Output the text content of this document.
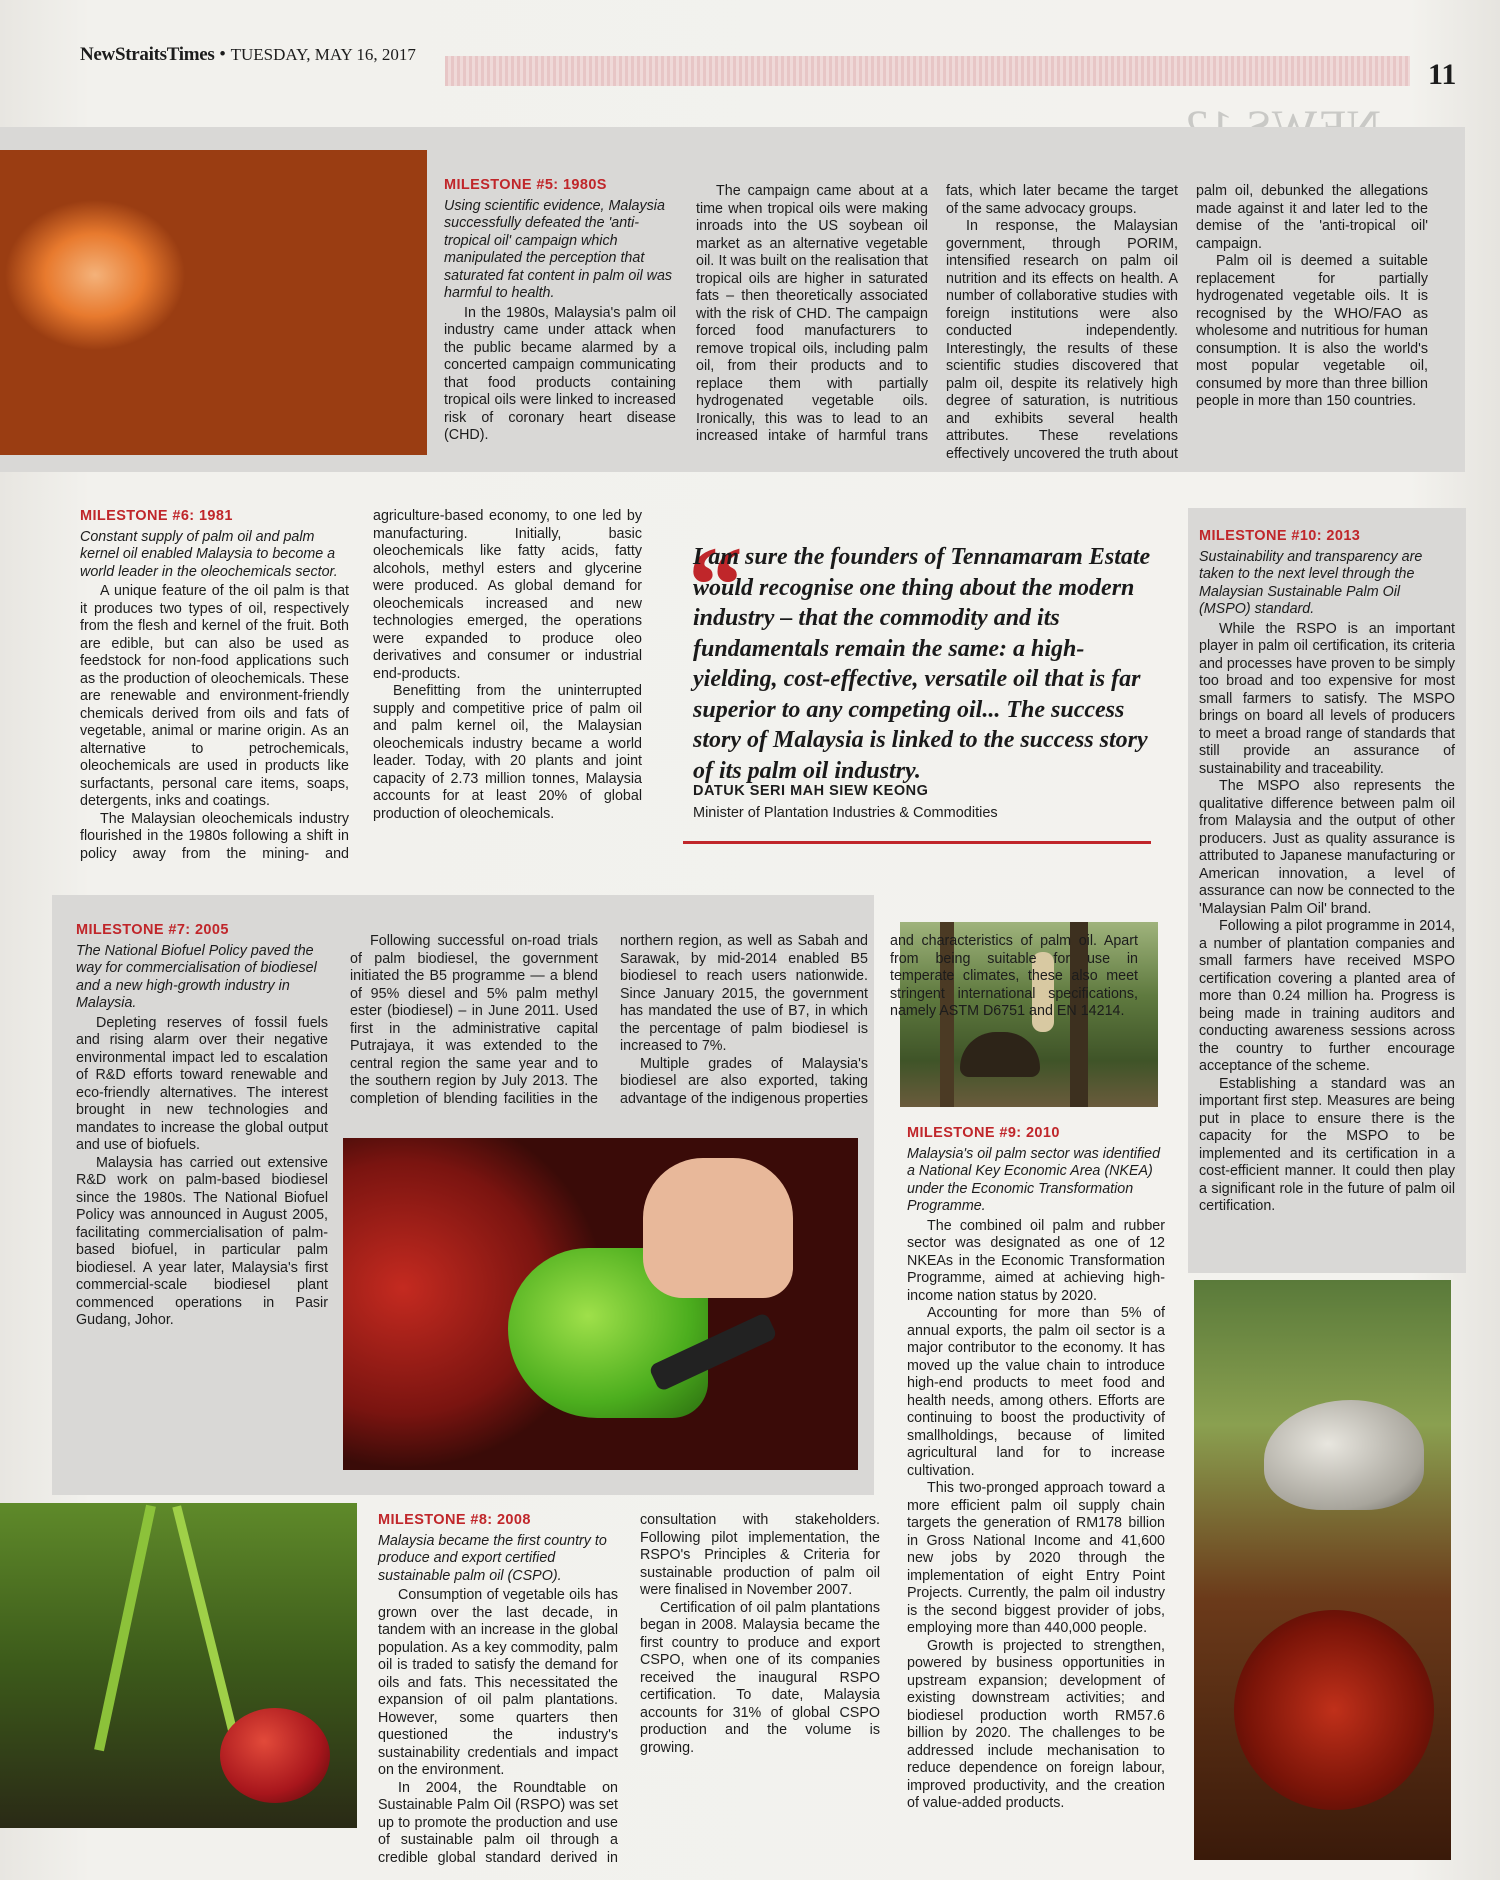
NewStraitsTimes • TUESDAY, MAY 16, 2017
11
MILESTONE #5: 1980S
Using scientific evidence, Malaysia successfully defeated the 'anti-tropical oil' campaign which manipulated the perception that saturated fat content in palm oil was harmful to health.

In the 1980s, Malaysia's palm oil industry came under attack when the public became alarmed by a concerted campaign communicating that food products containing tropical oils were linked to increased risk of coronary heart disease (CHD).

The campaign came about at a time when tropical oils were making inroads into the US soybean oil market as an alternative vegetable oil. It was built on the realisation that tropical oils are higher in saturated fats – then theoretically associated with the risk of CHD. The campaign forced food manufacturers to remove tropical oils, including palm oil, from their products and to replace them with partially hydrogenated vegetable oils. Ironically, this was to lead to an increased intake of harmful trans fats, which later became the target of the same advocacy groups.

In response, the Malaysian government, through PORIM, intensified research on palm oil nutrition and its effects on health. A number of collaborative studies with foreign institutions were also conducted independently. Interestingly, the results of these scientific studies discovered that palm oil, despite its relatively high degree of saturation, is nutritious and exhibits several health attributes. These revelations effectively uncovered the truth about palm oil, debunked the allegations made against it and later led to the demise of the 'anti-tropical oil' campaign.

Palm oil is deemed a suitable replacement for partially hydrogenated vegetable oils. It is recognised by the WHO/FAO as wholesome and nutritious for human consumption. It is also the world's most popular vegetable oil, consumed by more than three billion people in more than 150 countries.

MILESTONE #6: 1981
Constant supply of palm oil and palm kernel oil enabled Malaysia to become a world leader in the oleochemicals sector.

A unique feature of the oil palm is that it produces two types of oil, respectively from the flesh and kernel of the fruit. Both are edible, but can also be used as feedstock for non-food applications such as the production of oleochemicals. These are renewable and environment-friendly chemicals derived from oils and fats of vegetable, animal or marine origin. As an alternative to petrochemicals, oleochemicals are used in products like surfactants, personal care items, soaps, detergents, inks and coatings.

The Malaysian oleochemicals industry flourished in the 1980s following a shift in policy away from the mining- and agriculture-based economy, to one led by manufacturing. Initially, basic oleochemicals like fatty acids, fatty alcohols, methyl esters and glycerine were produced. As global demand for oleochemicals increased and new technologies emerged, the operations were expanded to produce oleo derivatives and consumer or industrial end-products.

Benefitting from the uninterrupted supply and competitive price of palm oil and palm kernel oil, the Malaysian oleochemicals industry became a world leader. Today, with 20 plants and joint capacity of 2.73 million tonnes, Malaysia accounts for at least 20% of global production of oleochemicals.

“
I am sure the founders of Tennamaram Estate would recognise one thing about the modern industry – that the commodity and its fundamentals remain the same: a high-yielding, cost-effective, versatile oil that is far superior to any competing oil... The success story of Malaysia is linked to the success story of its palm oil industry.
DATUK SERI MAH SIEW KEONG
Minister of Plantation Industries & Commodities
MILESTONE #7: 2005
The National Biofuel Policy paved the way for commercialisation of biodiesel and a new high-growth industry in Malaysia.

Depleting reserves of fossil fuels and rising alarm over their negative environmental impact led to escalation of R&D efforts toward renewable and eco-friendly alternatives. The interest brought in new technologies and mandates to increase the global output and use of biofuels.

Malaysia has carried out extensive R&D work on palm-based biodiesel since the 1980s. The National Biofuel Policy was announced in August 2005, facilitating commercialisation of palm-based biofuel, in particular palm biodiesel. A year later, Malaysia's first commercial-scale biodiesel plant commenced operations in Pasir Gudang, Johor.

Following successful on-road trials of palm biodiesel, the government initiated the B5 programme — a blend of 95% diesel and 5% palm methyl ester (biodiesel) – in June 2011. Used first in the administrative capital Putrajaya, it was extended to the central region the same year and to the southern region by July 2013. The completion of blending facilities in the northern region, as well as Sabah and Sarawak, by mid-2014 enabled B5 biodiesel to reach users nationwide. Since January 2015, the government has mandated the use of B7, in which the percentage of palm biodiesel is increased to 7%.

Multiple grades of Malaysia's biodiesel are also exported, taking advantage of the indigenous properties and characteristics of palm oil. Apart from being suitable for use in temperate climates, these also meet stringent international specifications, namely ASTM D6751 and EN 14214.

MILESTONE #8: 2008
Malaysia became the first country to produce and export certified sustainable palm oil (CSPO).

Consumption of vegetable oils has grown over the last decade, in tandem with an increase in the global population. As a key commodity, palm oil is traded to satisfy the demand for oils and fats. This necessitated the expansion of oil palm plantations. However, some quarters then questioned the industry's sustainability credentials and impact on the environment.

In 2004, the Roundtable on Sustainable Palm Oil (RSPO) was set up to promote the production and use of sustainable palm oil through a credible global standard derived in consultation with stakeholders. Following pilot implementation, the RSPO's Principles & Criteria for sustainable production of palm oil were finalised in November 2007.

Certification of oil palm plantations began in 2008. Malaysia became the first country to produce and export CSPO, when one of its companies received the inaugural RSPO certification. To date, Malaysia accounts for 31% of global CSPO production and the volume is growing.

MILESTONE #9: 2010
Malaysia's oil palm sector was identified a National Key Economic Area (NKEA) under the Economic Transformation Programme.

The combined oil palm and rubber sector was designated as one of 12 NKEAs in the Economic Transformation Programme, aimed at achieving high-income nation status by 2020.

Accounting for more than 5% of annual exports, the palm oil sector is a major contributor to the economy. It has moved up the value chain to introduce high-end products to meet food and health needs, among others. Efforts are continuing to boost the productivity of smallholdings, because of limited agricultural land for to increase cultivation.

This two-pronged approach toward a more efficient palm oil supply chain targets the generation of RM178 billion in Gross National Income and 41,600 new jobs by 2020 through the implementation of eight Entry Point Projects. Currently, the palm oil industry is the second biggest provider of jobs, employing more than 440,000 people.

Growth is projected to strengthen, powered by business opportunities in upstream expansion; development of existing downstream activities; and biodiesel production worth RM57.6 billion by 2020. The challenges to be addressed include mechanisation to reduce dependence on foreign labour, improved productivity, and the creation of value-added products.

MILESTONE #10: 2013
Sustainability and transparency are taken to the next level through the Malaysian Sustainable Palm Oil (MSPO) standard.

While the RSPO is an important player in palm oil certification, its criteria and processes have proven to be simply too broad and too expensive for most small farmers to satisfy. The MSPO brings on board all levels of producers to meet a broad range of standards that still provide an assurance of sustainability and traceability.

The MSPO also represents the qualitative difference between palm oil from Malaysia and the output of other producers. Just as quality assurance is attributed to Japanese manufacturing or American innovation, a level of assurance can now be connected to the 'Malaysian Palm Oil' brand.

Following a pilot programme in 2014, a number of plantation companies and small farmers have received MSPO certification covering a planted area of more than 0.24 million ha. Progress is being made in training auditors and conducting awareness sessions across the country to further encourage acceptance of the scheme.

Establishing a standard was an important first step. Measures are being put in place to ensure there is the capacity for the MSPO to be implemented and its certification in a cost-efficient manner. It could then play a significant role in the future of palm oil certification.
